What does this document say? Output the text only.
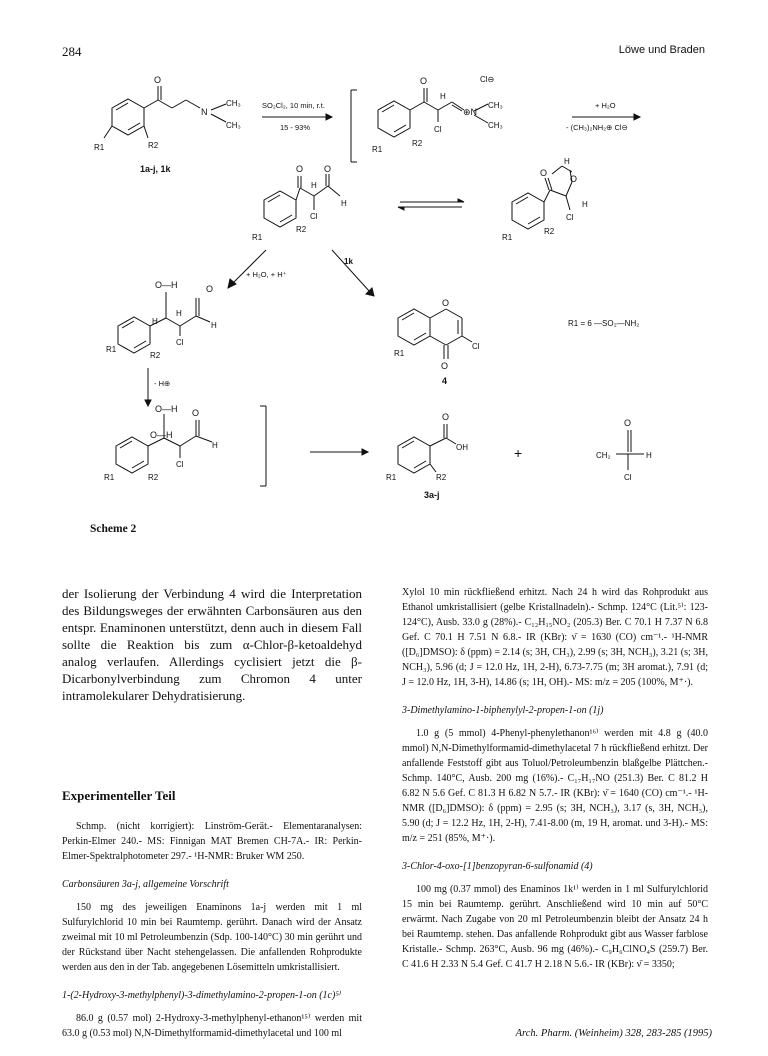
284	Löwe und Braden
O
N
CH₃
CH₃
R1	R2
1a-j, 1k
SO₂Cl₂, 10 min, r.t.
15 - 93%
O
H
Cl
⊕N
CH₃
CH₃
Cl⊖
R1
R2
+ H₂O
- (CH₃)₂NH₂⊕ Cl⊖
O O
H
H
Cl
R1
R2
O
H
O
H
Cl
R1
R2
+ H₂O, + H⁺
1k
O—H	O
H
H
H
Cl
R1
R2
O
Cl
O
R1
4
R1 = 6 —SO₂—NH₂
- H⊕
O—H
O—H
O
H
Cl
R1	R2
O
OH
R1	R2
3a-j
+
O
CH₂	H
Cl
Scheme 2

der Isolierung der Verbindung 4 wird die Interpretation des Bildungsweges der erwähnten Carbonsäuren aus den entspr. Enaminonen unterstützt, denn auch in diesem Fall sollte die Reaktion bis zum α-Chlor-β-ketoaldehyd analog verlaufen. Allerdings cyclisiert jetzt die β-Dicarbonylverbindung zum Chromon 4 unter intramolekularer Dehydratisierung.

Experimenteller Teil

Schmp. (nicht korrigiert): Linström-Gerät.- Elementaranalysen: Perkin-Elmer 240.- MS: Finnigan MAT Bremen CH-7A.- IR: Perkin-Elmer-Spektralphotometer 297.- ¹H-NMR: Bruker WM 250.

Carbonsäuren 3a-j, allgemeine Vorschrift

150 mg des jeweiligen Enaminons 1a-j werden mit 1 ml Sulfurylchlorid 10 min bei Raumtemp. gerührt. Danach wird der Ansatz zweimal mit 10 ml Petroleumbenzin (Sdp. 100-140°C) 30 min gerührt und der Rückstand über Nacht stehengelassen. Die anfallenden Rohprodukte werden aus den in der Tab. angegebenen Lösemitteln umkristallisiert.

1-(2-Hydroxy-3-methylphenyl)-3-dimethylamino-2-propen-1-on (1c)⁵⁾

86.0 g (0.57 mol) 2-Hydroxy-3-methylphenyl-ethanon¹⁵⁾ werden mit 63.0 g (0.53 mol) N,N-Dimethylformamid-dimethylacetal und 100 ml

Xylol 10 min rückfließend erhitzt. Nach 24 h wird das Rohprodukt aus Ethanol umkristallisiert (gelbe Kristallnadeln).- Schmp. 124°C (Lit.⁵⁾: 123-124°C), Ausb. 33.0 g (28%).- C₁₂H₁₅NO₂ (205.3) Ber. C 70.1 H 7.37 N 6.8 Gef. C 70.1 H 7.51 N 6.8.- IR (KBr): ν̄ = 1630 (CO) cm⁻¹.- ¹H-NMR ([D₆]DMSO): δ (ppm) = 2.14 (s; 3H, CH₃), 2.99 (s; 3H, NCH₃), 3.21 (s; 3H, NCH₃), 5.96 (d; J = 12.0 Hz, 1H, 2-H), 6.73-7.75 (m; 3H aromat.), 7.91 (d; J = 12.0 Hz, 1H, 3-H), 14.86 (s; 1H, OH).- MS: m/z = 205 (100%, M⁺·).

3-Dimethylamino-1-biphenylyl-2-propen-1-on (1j)

1.0 g (5 mmol) 4-Phenyl-phenylethanon¹⁶⁾ werden mit 4.8 g (40.0 mmol) N,N-Dimethylformamid-dimethylacetal 7 h rückfließend erhitzt. Der anfallende Feststoff gibt aus Toluol/Petroleumbenzin blaßgelbe Plättchen.- Schmp. 140°C, Ausb. 200 mg (16%).- C₁₇H₁₇NO (251.3) Ber. C 81.2 H 6.82 N 5.6 Gef. C 81.3 H 6.82 N 5.7.- IR (KBr): ν̄ = 1640 (CO) cm⁻¹.- ¹H-NMR ([D₆]DMSO): δ (ppm) = 2.95 (s; 3H, NCH₃), 3.17 (s, 3H, NCH₃), 5.90 (d; J = 12.2 Hz, 1H, 2-H), 7.41-8.00 (m, 19 H, aromat. und 3-H).- MS: m/z = 251 (85%, M⁺·).

3-Chlor-4-oxo-[1]benzopyran-6-sulfonamid (4)

100 mg (0.37 mmol) des Enaminos 1k¹⁾ werden in 1 ml Sulfurylchlorid 15 min bei Raumtemp. gerührt. Anschließend wird 10 min auf 50°C erwärmt. Nach Zugabe von 20 ml Petroleumbenzin bleibt der Ansatz 24 h bei Raumtemp. stehen. Das anfallende Rohprodukt gibt aus Wasser farblose Kristalle.- Schmp. 263°C, Ausb. 96 mg (46%).- C₉H₆ClNO₄S (259.7) Ber. C 41.6 H 2.33 N 5.4 Gef. C 41.7 H 2.18 N 5.6.- IR (KBr): ν̄ = 3350;

Arch. Pharm. (Weinheim) 328, 283-285 (1995)
